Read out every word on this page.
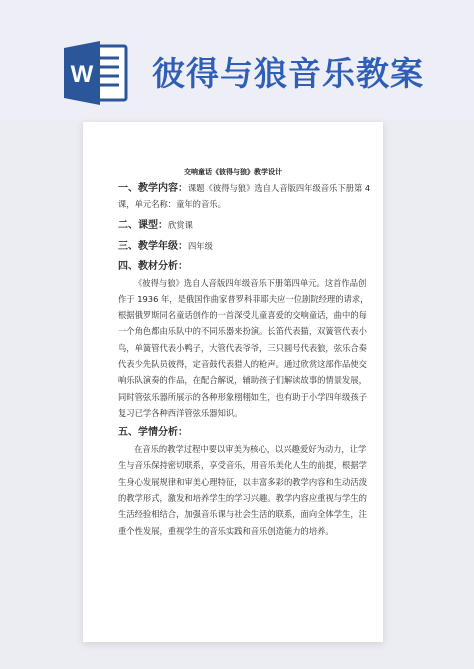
W 彼得与狼音乐教案
交响童话《彼得与狼》教学设计
一、教学内容：课题《彼得与狼》选自人音版四年级音乐下册第 4
课，单元名称：童年的音乐。
二、课型：欣赏课
三、教学年级：四年级
四、教材分析：
《彼得与狼》选自人音版四年级音乐下册第四单元。这首作品创
作于 1936 年，是俄国作曲家普罗科菲耶夫应一位剧院经理的请求，
根据俄罗斯同名童话创作的一首深受儿童喜爱的交响童话，曲中的每
一个角色都由乐队中的不同乐器来扮演。长笛代表猫，双簧管代表小
鸟，单簧管代表小鸭子，大管代表爷爷，三只圆号代表狼，弦乐合奏
代表少先队员彼得，定音鼓代表猎人的枪声。通过欣赏这部作品使交
响乐队演奏的作品，在配合解说，辅助孩子们解读故事的情景发展，
同时管弦乐器所展示的各种形象栩栩如生，也有助于小学四年级孩子
复习已学各种西洋管弦乐器知识。
五、学情分析：
在音乐的教学过程中要以审美为核心，以兴趣爱好为动力，让学
生与音乐保持密切联系，享受音乐，用音乐美化人生的前提，根据学
生身心发展规律和审美心理特征，以丰富多彩的教学内容和生动活泼
的教学形式，激发和培养学生的学习兴趣。教学内容应重视与学生的
生活经验相结合，加强音乐课与社会生活的联系，面向全体学生，注
重个性发展，重视学生的音乐实践和音乐创造能力的培养。
